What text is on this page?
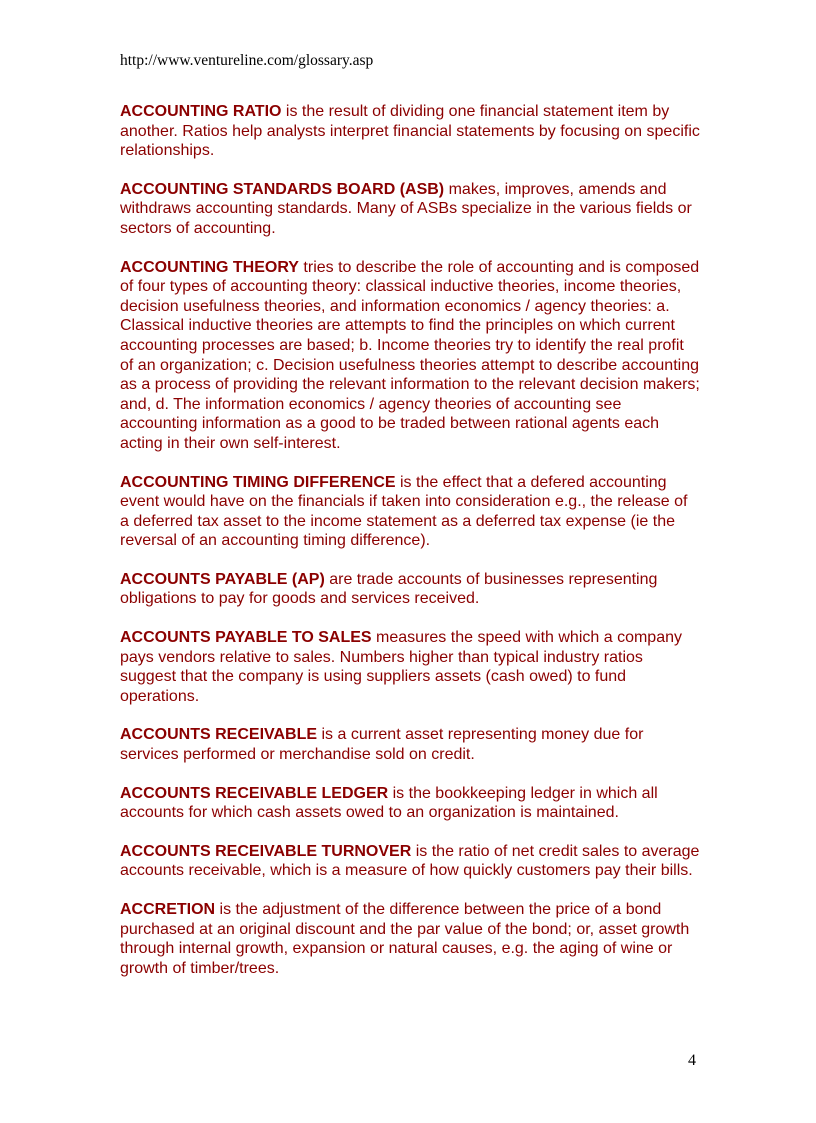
http://www.ventureline.com/glossary.asp

ACCOUNTING RATIO is the result of dividing one financial statement item by another. Ratios help analysts interpret financial statements by focusing on specific relationships.

ACCOUNTING STANDARDS BOARD (ASB) makes, improves, amends and withdraws accounting standards. Many of ASBs specialize in the various fields or sectors of accounting.

ACCOUNTING THEORY tries to describe the role of accounting and is composed of four types of accounting theory: classical inductive theories, income theories, decision usefulness theories, and information economics / agency theories: a. Classical inductive theories are attempts to find the principles on which current accounting processes are based; b. Income theories try to identify the real profit of an organization; c. Decision usefulness theories attempt to describe accounting as a process of providing the relevant information to the relevant decision makers; and, d. The information economics / agency theories of accounting see accounting information as a good to be traded between rational agents each acting in their own self-interest.

ACCOUNTING TIMING DIFFERENCE is the effect that a defered accounting event would have on the financials if taken into consideration e.g., the release of a deferred tax asset to the income statement as a deferred tax expense (ie the reversal of an accounting timing difference).

ACCOUNTS PAYABLE (AP) are trade accounts of businesses representing obligations to pay for goods and services received.

ACCOUNTS PAYABLE TO SALES measures the speed with which a company pays vendors relative to sales. Numbers higher than typical industry ratios suggest that the company is using suppliers assets (cash owed) to fund operations.

ACCOUNTS RECEIVABLE is a current asset representing money due for services performed or merchandise sold on credit.

ACCOUNTS RECEIVABLE LEDGER is the bookkeeping ledger in which all accounts for which cash assets owed to an organization is maintained.

ACCOUNTS RECEIVABLE TURNOVER is the ratio of net credit sales to average accounts receivable, which is a measure of how quickly customers pay their bills.

ACCRETION is the adjustment of the difference between the price of a bond purchased at an original discount and the par value of the bond; or, asset growth through internal growth, expansion or natural causes, e.g. the aging of wine or growth of timber/trees.

4
